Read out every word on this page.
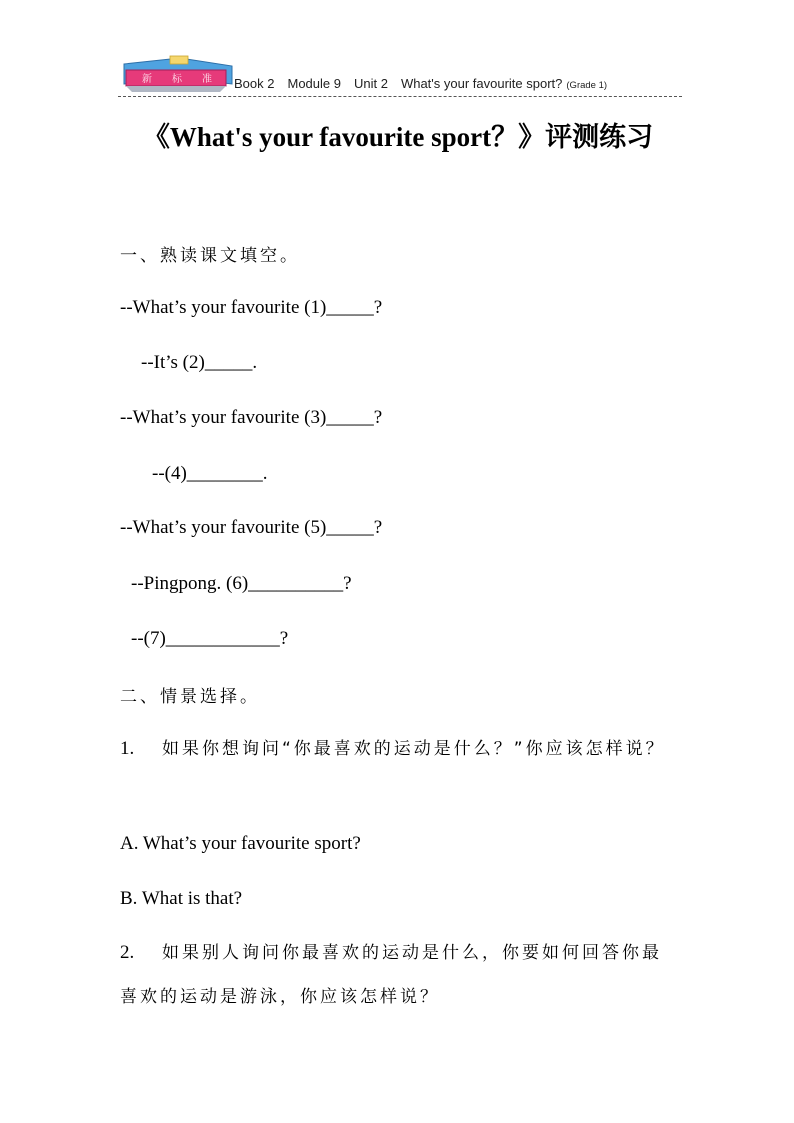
新 标 准 Book 2 Module 9 Unit 2 What's your favourite sport? (Grade 1)
《What's your favourite sport？》评测练习
一、熟读课文填空。
--What’s your favourite (1)_____?
--It’s (2)_____.
--What’s your favourite (3)_____?
--(4)________.
--What’s your favourite (5)_____?
--Pingpong. (6)__________?
--(7)____________?
二、情景选择。
1. 如果你想询问“你最喜欢的运动是什么？”你应该怎样说？
A. What’s your favourite sport?
B. What is that?
2. 如果别人询问你最喜欢的运动是什么，你要如何回答你最喜欢的运动是游泳，你应该怎样说？
